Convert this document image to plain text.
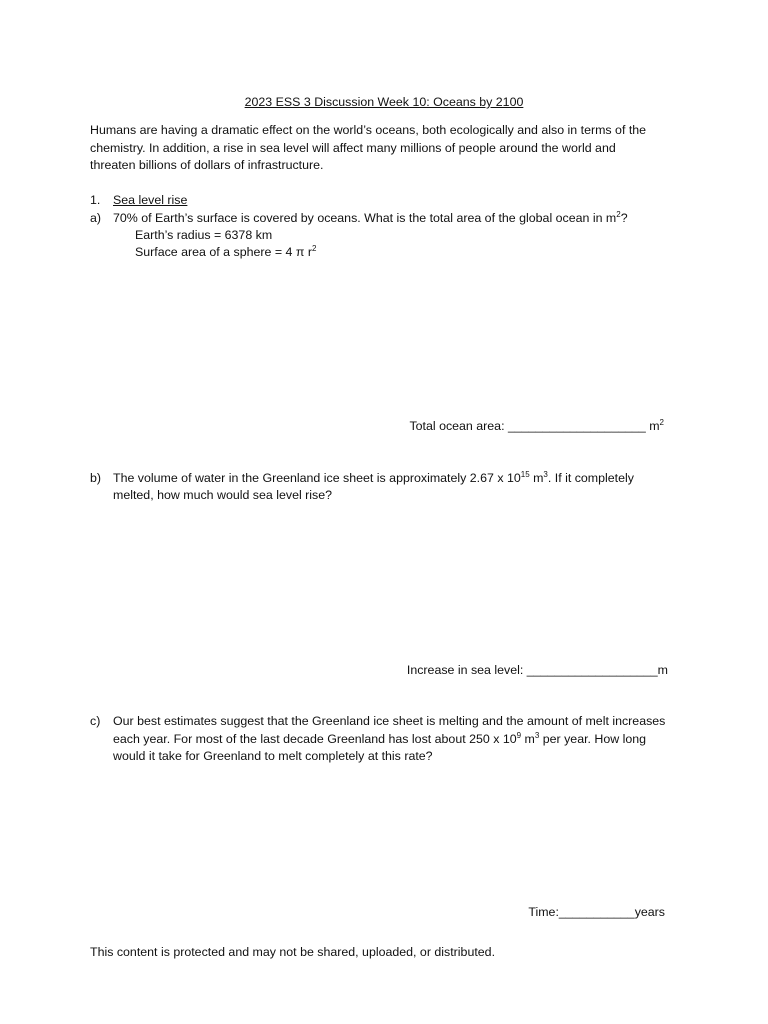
2023 ESS 3 Discussion Week 10: Oceans by 2100

Humans are having a dramatic effect on the world’s oceans, both ecologically and also in terms of the

chemistry. In addition, a rise in sea level will affect many millions of people around the world and

threaten billions of dollars of infrastructure.

1. Sea level rise
a) 70% of Earth’s surface is covered by oceans. What is the total area of the global ocean in $m^2$?
Earth’s radius = 6378 km
Surface area of a sphere = 4 π $r^2$
Total ocean area: ____________________ $m^2$
b) The volume of water in the Greenland ice sheet is approximately 2.67 x $10^{15}$ $m^3$. If it completely
melted, how much would sea level rise?
Increase in sea level: ___________________m
c) Our best estimates suggest that the Greenland ice sheet is melting and the amount of melt increases
each year. For most of the last decade Greenland has lost about 250 x $10^9$ $m^3$ per year. How long
would it take for Greenland to melt completely at this rate?
Time:___________years
This content is protected and may not be shared, uploaded, or distributed.
